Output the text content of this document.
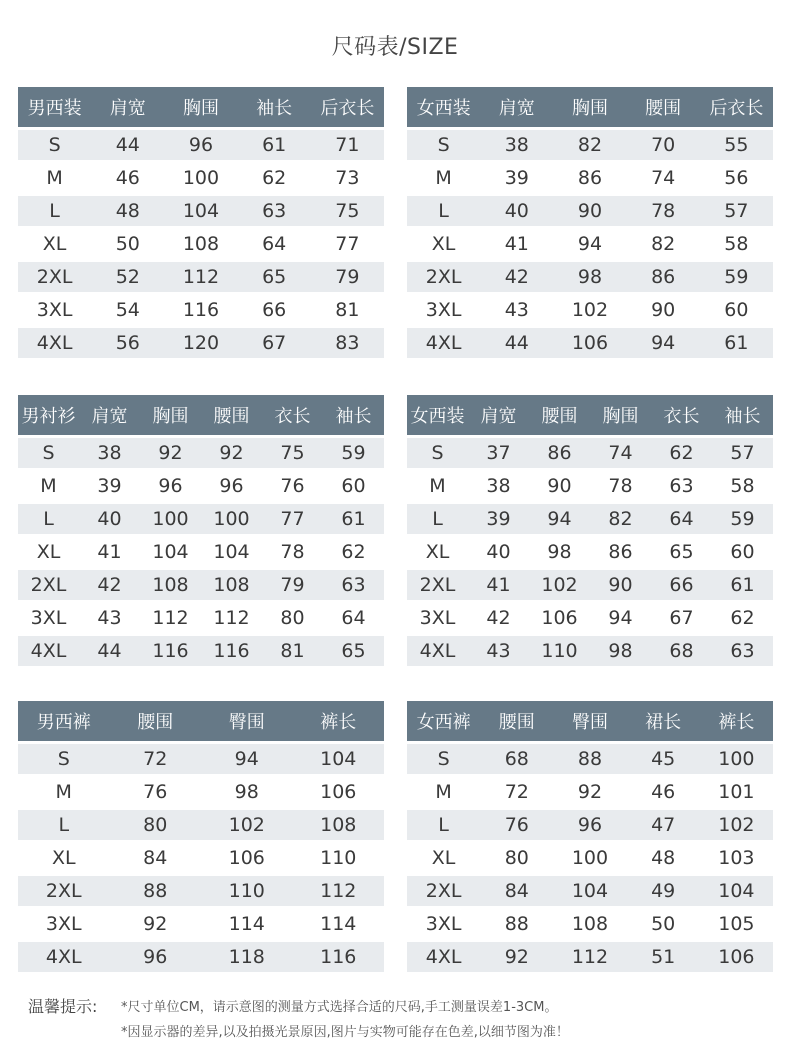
尺码表/SIZE
男西装	肩宽	胸围	袖长	后衣长
S	44	96	61	71
M	46	100	62	73
L	48	104	63	75
XL	50	108	64	77
2XL	52	112	65	79
3XL	54	116	66	81
4XL	56	120	67	83
女西装	肩宽	胸围	腰围	后衣长
S	38	82	70	55
M	39	86	74	56
L	40	90	78	57
XL	41	94	82	58
2XL	42	98	86	59
3XL	43	102	90	60
4XL	44	106	94	61
男衬衫	肩宽	胸围	腰围	衣长	袖长
S	38	92	92	75	59
M	39	96	96	76	60
L	40	100	100	77	61
XL	41	104	104	78	62
2XL	42	108	108	79	63
3XL	43	112	112	80	64
4XL	44	116	116	81	65
女西装	肩宽	腰围	胸围	衣长	袖长
S	37	86	74	62	57
M	38	90	78	63	58
L	39	94	82	64	59
XL	40	98	86	65	60
2XL	41	102	90	66	61
3XL	42	106	94	67	62
4XL	43	110	98	68	63
男西裤	腰围	臀围	裤长
S	72	94	104
M	76	98	106
L	80	102	108
XL	84	106	110
2XL	88	110	112
3XL	92	114	114
4XL	96	118	116
女西裤	腰围	臀围	裙长	裤长
S	68	88	45	100
M	72	92	46	101
L	76	96	47	102
XL	80	100	48	103
2XL	84	104	49	104
3XL	88	108	50	105
4XL	92	112	51	106
温馨提示: *尺寸单位CM，请示意图的测量方式选择合适的尺码,手工测量误差1-3CM。
*因显示器的差异,以及拍摄光景原因,图片与实物可能存在色差,以细节图为准！
